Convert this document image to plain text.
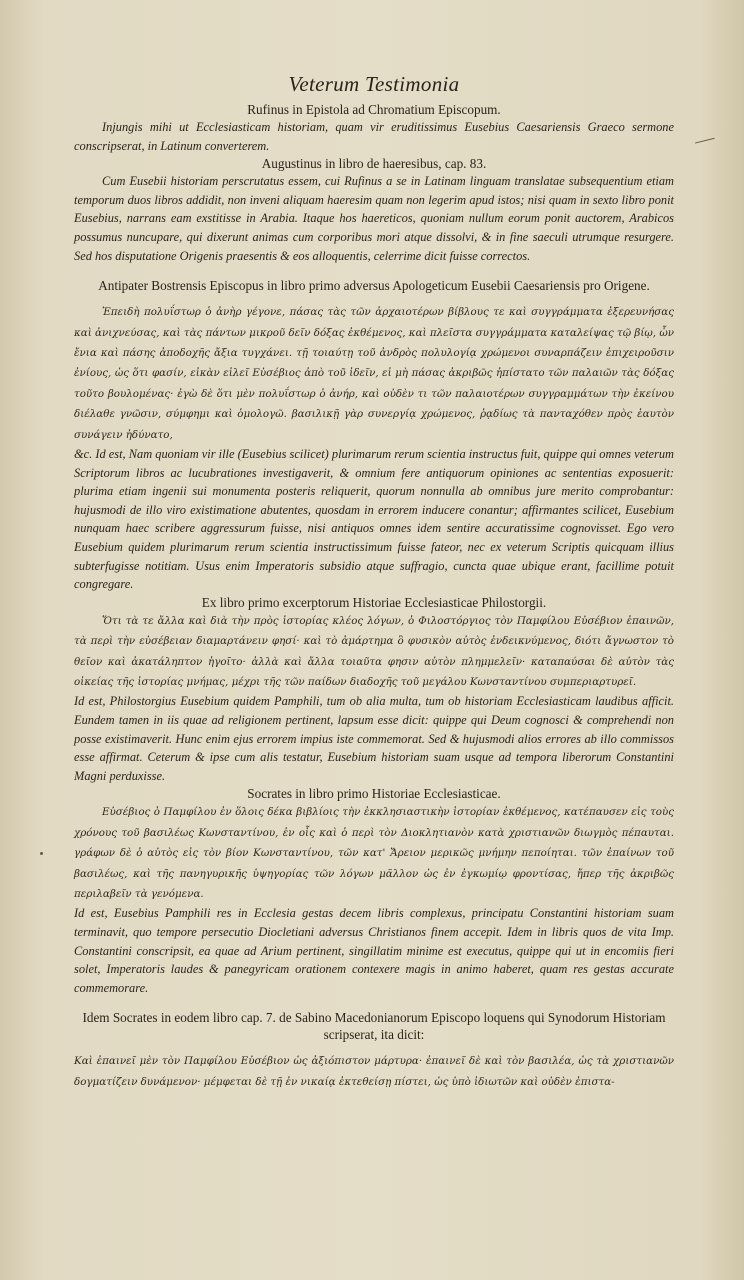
Veterum Testimonia

Rufinus in Epistola ad Chromatium Episcopum.

Injungis mihi ut Ecclesiasticam historiam, quam vir eruditissimus Eusebius Caesariensis Graeco sermone conscripserat, in Latinum converterem.

Augustinus in libro de haeresibus, cap. 83.

Cum Eusebii historiam perscrutatus essem, cui Rufinus a se in Latinam linguam translatae subsequentium etiam temporum duos libros addidit, non inveni aliquam haeresim quam non legerim apud istos; nisi quam in sexto libro ponit Eusebius, narrans eam exstitisse in Arabia. Itaque hos haereticos, quoniam nullum eorum ponit auctorem, Arabicos possumus nuncupare, qui dixerunt animas cum corporibus mori atque dissolvi, & in fine saeculi utrumque resurgere. Sed hos disputatione Origenis praesentis & eos alloquentis, celerrime dicit fuisse correctos.

Antipater Bostrensis Episcopus in libro primo adversus Apologeticum Eusebii Caesariensis pro Origene.

Ἐπειδὴ πολυΐστωρ ὁ ἀνὴρ γέγονε, πάσας τὰς τῶν ἀρχαιοτέρων βίβλους τε καὶ συγγράμματα ἐξερευνήσας καὶ ἀνιχνεύσας, καὶ τὰς πάντων μικροῦ δεῖν δόξας ἐκθέμενος, καὶ πλεῖστα συγγράμματα καταλείψας τῷ βίῳ, ὧν ἔνια καὶ πάσης ἀποδοχῆς ἄξια τυγχάνει. τῇ τοιαύτῃ τοῦ ἀνδρὸς πολυλογίᾳ χρώμενοι συναρπάζειν ἐπιχειροῦσιν ἐνίους, ὡς ὅτι φασίν, εἰκὰν εἰλεῖ Εὐσέβιος ἀπὸ τοῦ ἰδεῖν, εἰ μὴ πάσας ἀκριβῶς ἠπίστατο τῶν παλαιῶν τὰς δόξας τοῦτο βουλομένας· ἐγὼ δὲ ὅτι μὲν πολυΐστωρ ὁ ἀνήρ, καὶ οὐδὲν τι τῶν παλαιοτέρων συγγραμμάτων τὴν ἐκείνου διέλαθε γνῶσιν, σύμφημι καὶ ὁμολογῶ. βασιλικῇ γὰρ συνεργίᾳ χρώμενος, ῥᾳδίως τὰ πανταχόθεν πρὸς ἑαυτὸν συνάγειν ἠδύνατο,

&c. Id est, Nam quoniam vir ille (Eusebius scilicet) plurimarum rerum scientia instructus fuit, quippe qui omnes veterum Scriptorum libros ac lucubrationes investigaverit, & omnium fere antiquorum opiniones ac sententias exposuerit: plurima etiam ingenii sui monumenta posteris reliquerit, quorum nonnulla ab omnibus jure merito comprobantur: hujusmodi de illo viro existimatione abutentes, quosdam in errorem inducere conantur; affirmantes scilicet, Eusebium nunquam haec scribere aggressurum fuisse, nisi antiquos omnes idem sentire accuratissime cognovisset. Ego vero Eusebium quidem plurimarum rerum scientia instructissimum fuisse fateor, nec ex veterum Scriptis quicquam illius subterfugisse notitiam. Usus enim Imperatoris subsidio atque suffragio, cuncta quae ubique erant, facillime potuit congregare.

Ex libro primo excerptorum Historiae Ecclesiasticae Philostorgii.

Ὅτι τὰ τε ἄλλα καὶ διὰ τὴν πρὸς ἱστορίας κλέος λόγων, ὁ Φιλοστόργιος τὸν Παμφίλου Εὐσέβιον ἐπαινῶν, τὰ περὶ τὴν εὐσέβειαν διαμαρτάνειν φησί· καὶ τὸ ἁμάρτημα ὃ φυσικὸν αὐτὸς ἐνδεικνύμενος, διότι ἄγνωστον τὸ θεῖον καὶ ἀκατάληπτον ἡγοῖτο· ἀλλὰ καὶ ἄλλα τοιαῦτα φησιν αὐτὸν πλημμελεῖν· καταπαύσαι δὲ αὐτὸν τὰς οἰκείας τῆς ἱστορίας μνήμας, μέχρι τῆς τῶν παίδων διαδοχῆς τοῦ μεγάλου Κωνσταντίνου συμπεριαρτυρεῖ.

Id est, Philostorgius Eusebium quidem Pamphili, tum ob alia multa, tum ob historiam Ecclesiasticam laudibus afficit. Eundem tamen in iis quae ad religionem pertinent, lapsum esse dicit: quippe qui Deum cognosci & comprehendi non posse existimaverit. Hunc enim ejus errorem impius iste commemorat. Sed & hujusmodi alios errores ab illo commissos esse affirmat. Ceterum & ipse cum alis testatur, Eusebium historiam suam usque ad tempora liberorum Constantini Magni perduxisse.

Socrates in libro primo Historiae Ecclesiasticae.

Εὐσέβιος ὁ Παμφίλου ἐν ὅλοις δέκα βιβλίοις τὴν ἐκκλησιαστικὴν ἱστορίαν ἐκθέμενος, κατέπαυσεν εἰς τοὺς χρόνους τοῦ βασιλέως Κωνσταντίνου, ἐν οἷς καὶ ὁ περὶ τὸν Διοκλητιανὸν κατὰ χριστιανῶν διωγμὸς πέπαυται. γράφων δὲ ὁ αὐτὸς εἰς τὸν βίον Κωνσταντίνου, τῶν κατ' Ἄρειον μερικῶς μνήμην πεποίηται. τῶν ἐπαίνων τοῦ βασιλέως, καὶ τῆς πανηγυρικῆς ὑψηγορίας τῶν λόγων μᾶλλον ὡς ἐν ἐγκωμίῳ φροντίσας, ἤπερ τῆς ἀκριβῶς περιλαβεῖν τὰ γενόμενα.

Id est, Eusebius Pamphili res in Ecclesia gestas decem libris complexus, principatu Constantini historiam suam terminavit, quo tempore persecutio Diocletiani adversus Christianos finem accepit. Idem in libris quos de vita Imp. Constantini conscripsit, ea quae ad Arium pertinent, singillatim minime est executus, quippe qui ut in encomiis fieri solet, Imperatoris laudes & panegyricam orationem contexere magis in animo haberet, quam res gestas accurate commemorare.

Idem Socrates in eodem libro cap. 7. de Sabino Macedonianorum Episcopo loquens qui Synodorum Historiam scripserat, ita dicit:

Καὶ ἐπαινεῖ μὲν τὸν Παμφίλου Εὐσέβιον ὡς ἀξιόπιστον μάρτυρα· ἐπαινεῖ δὲ καὶ τὸν βασιλέα, ὡς τὰ χριστιανῶν δογματίζειν δυνάμενον· μέμφεται δὲ τῇ ἐν νικαίᾳ ἐκτεθείσῃ πίστει, ὡς ὑπὸ ἰδιωτῶν καὶ οὐδὲν ἐπιστα-
